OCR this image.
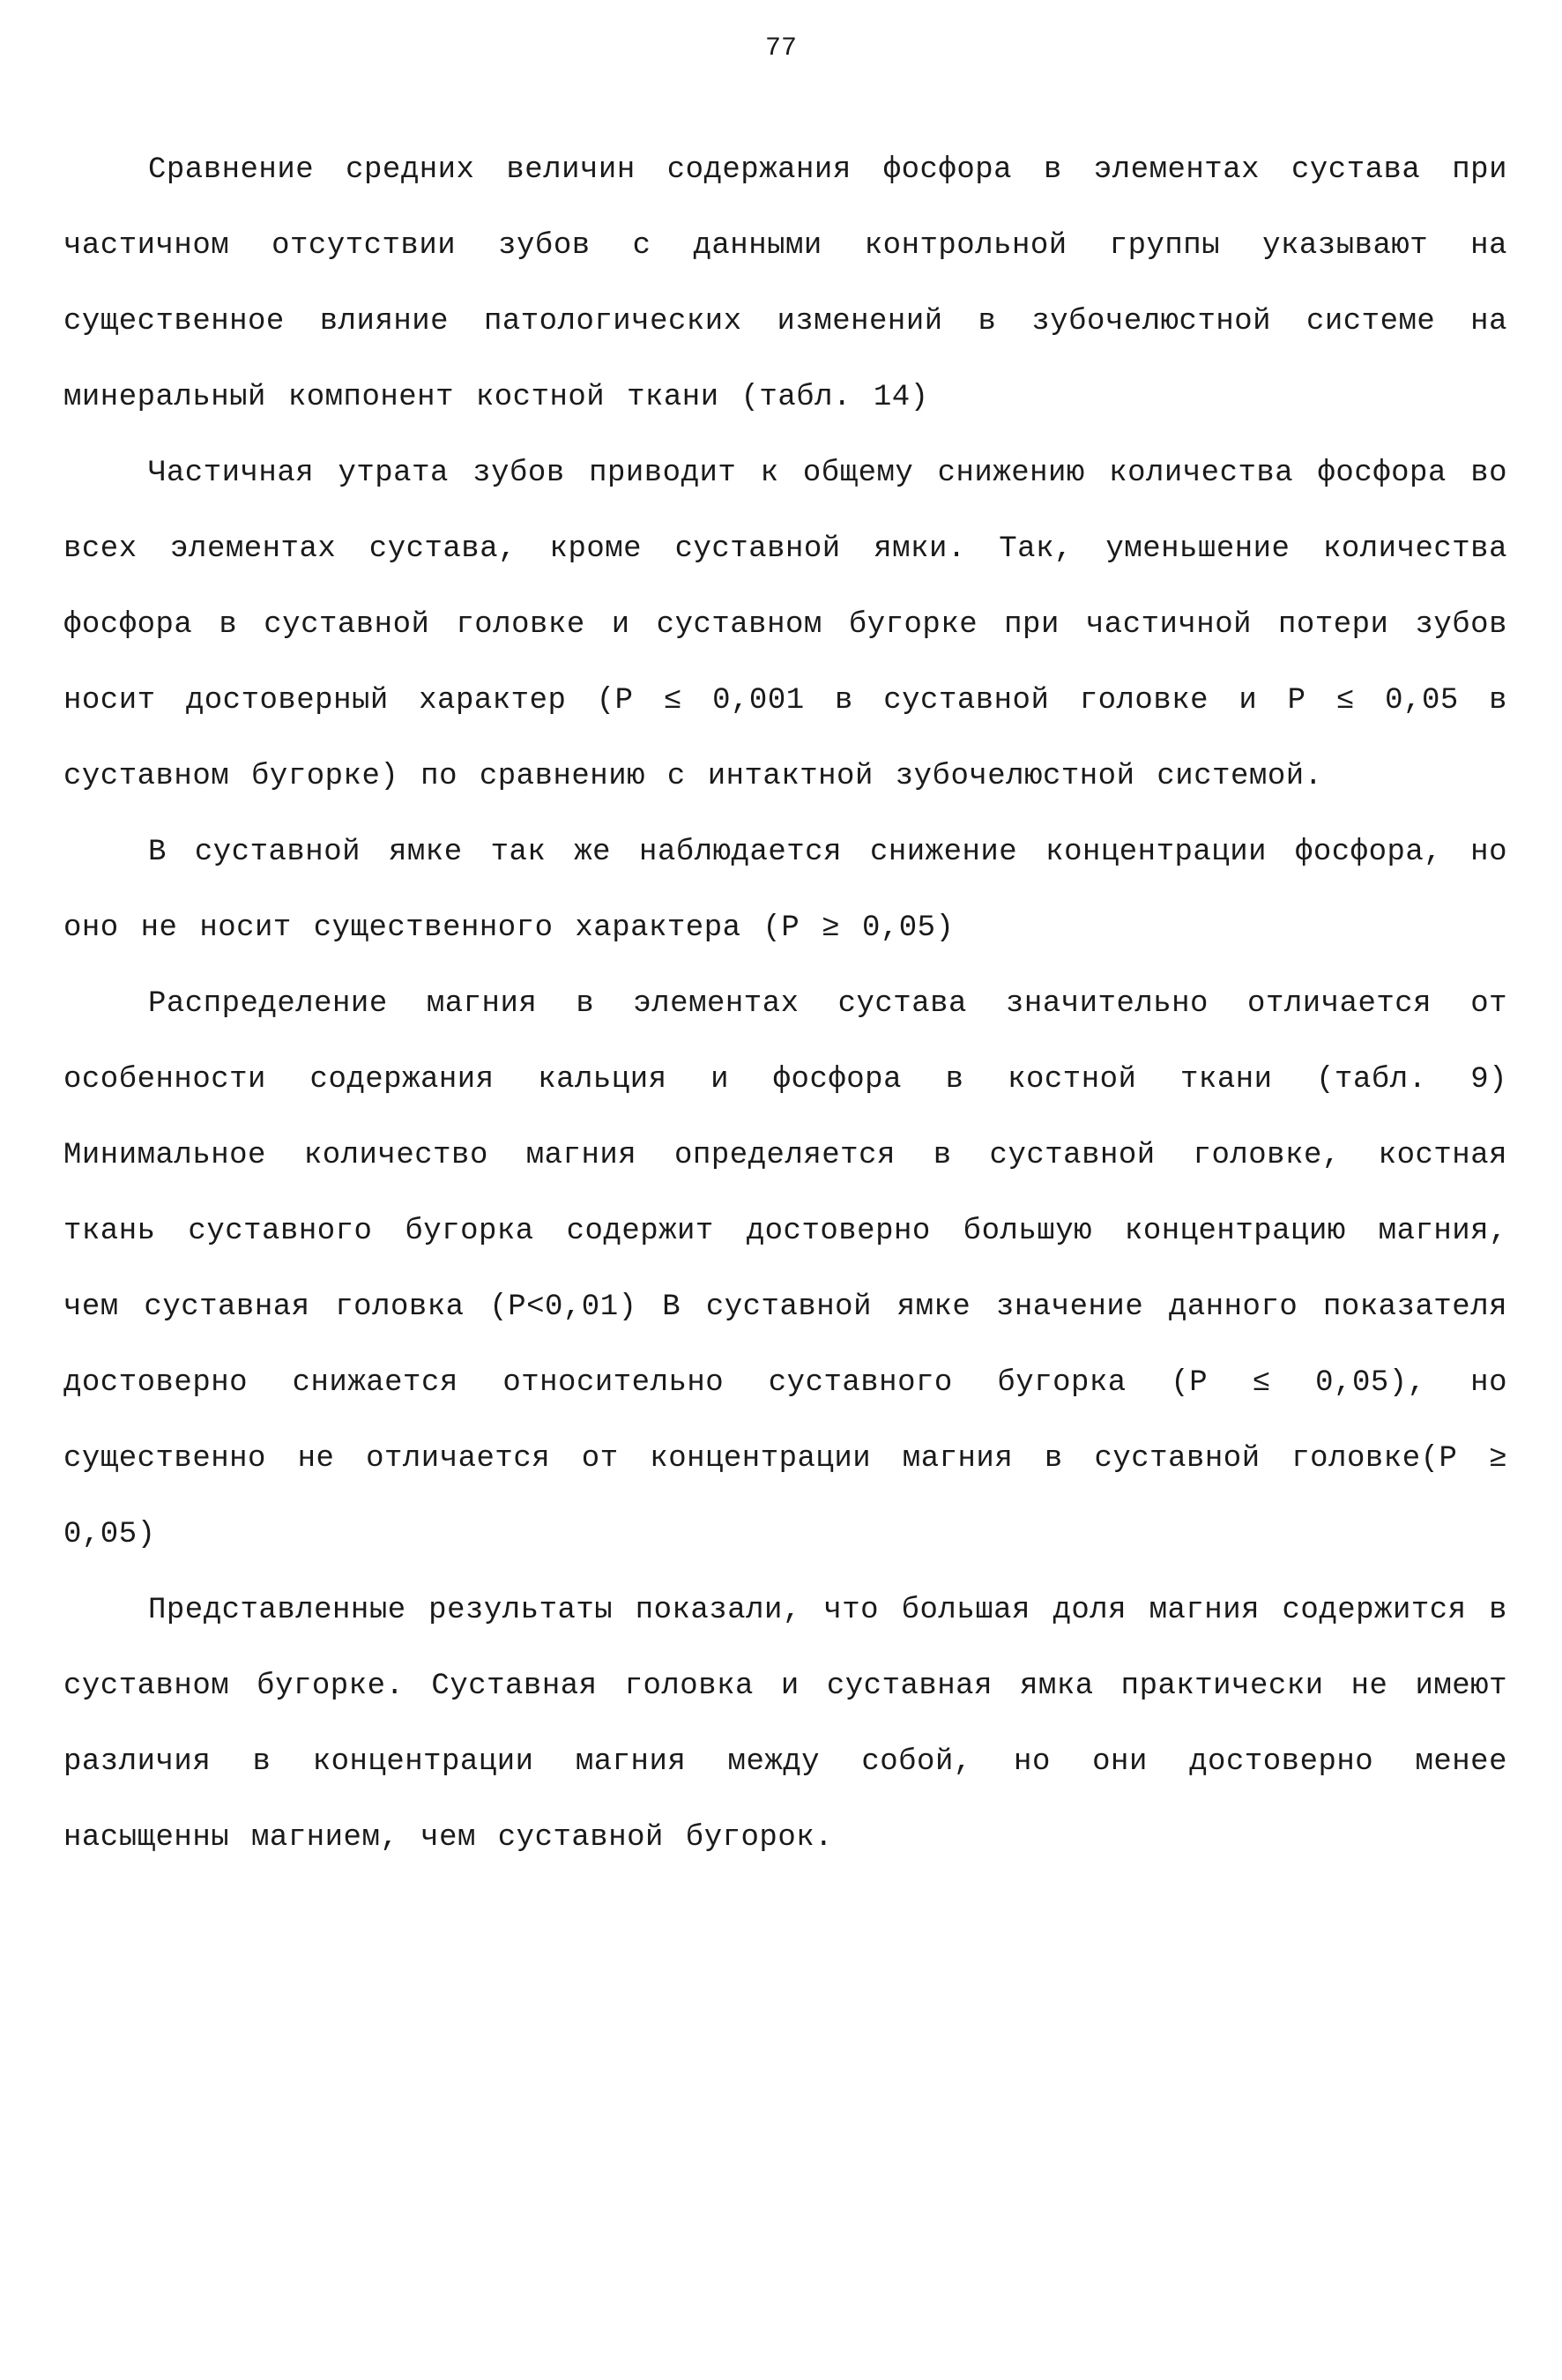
77

Сравнение средних величин содержания фосфора в элементах сустава при частичном отсутствии зубов с данными контрольной группы указывают на существенное влияние патологических изменений в зубочелюстной системе на минеральный компонент костной ткани (табл. 14)

Частичная утрата зубов приводит к общему снижению количества фосфора во всех элементах сустава, кроме суставной ямки. Так, уменьшение количества фосфора в суставной головке и суставном бугорке при частичной потери зубов носит достоверный характер (P ≤ 0,001 в суставной головке и P ≤ 0,05 в суставном бугорке) по сравнению с интактной зубочелюстной системой.

В суставной ямке так же наблюдается снижение концентрации фосфора, но оно не носит существенного характера (P ≥ 0,05)

Распределение магния в элементах сустава значительно отличается от особенности содержания кальция и фосфора в костной ткани (табл. 9) Минимальное количество магния определяется в суставной головке, костная ткань суставного бугорка содержит достоверно большую концентрацию магния, чем суставная головка (P<0,01) В суставной ямке значение данного показателя достоверно снижается относительно суставного бугорка (P ≤ 0,05), но существенно не отличается от концентрации магния в суставной головке(P ≥ 0,05)

Представленные результаты показали, что большая доля магния содержится в суставном бугорке. Суставная головка и суставная ямка практически не имеют различия в концентрации магния между собой, но они достоверно менее насыщенны магнием, чем суставной бугорок.
